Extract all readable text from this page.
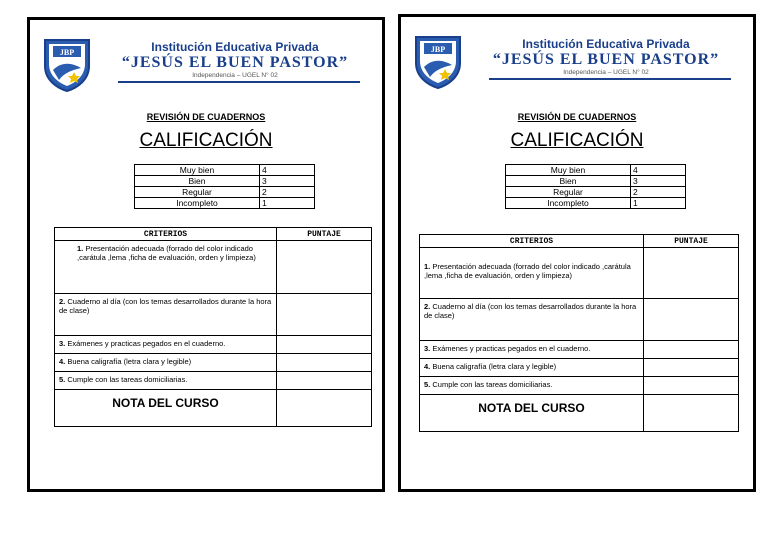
JBP	Institución Educativa Privada
“JESÚS EL BUEN PASTOR”
Independencia – UGEL N° 02
REVISIÓN DE CUADERNOS
CALIFICACIÓN
Muy bien	4
Bien	3
Regular	2
Incompleto	1
CRITERIOS	PUNTAJE
1. Presentación adecuada (forrado del color indicado ,carátula ,lema ,ficha de evaluación, orden y limpieza)	
2. Cuaderno al día (con los temas desarrollados durante la hora de clase)	
3. Exámenes y practicas pegados en el cuaderno.	
4. Buena caligrafía (letra clara y legible)	
5. Cumple con las tareas domiciliarias.	
NOTA DEL CURSO	
JBP	Institución Educativa Privada
“JESÚS EL BUEN PASTOR”
Independencia – UGEL N° 02
REVISIÓN DE CUADERNOS
CALIFICACIÓN
Muy bien	4
Bien	3
Regular	2
Incompleto	1
CRITERIOS	PUNTAJE
1. Presentación adecuada (forrado del color indicado ,carátula ,lema ,ficha de evaluación, orden y limpieza)	
2. Cuaderno al día (con los temas desarrollados durante la hora de clase)	
3. Exámenes y practicas pegados en el cuaderno.	
4. Buena caligrafía (letra clara y legible)	
5. Cumple con las tareas domiciliarias.	
NOTA DEL CURSO	
